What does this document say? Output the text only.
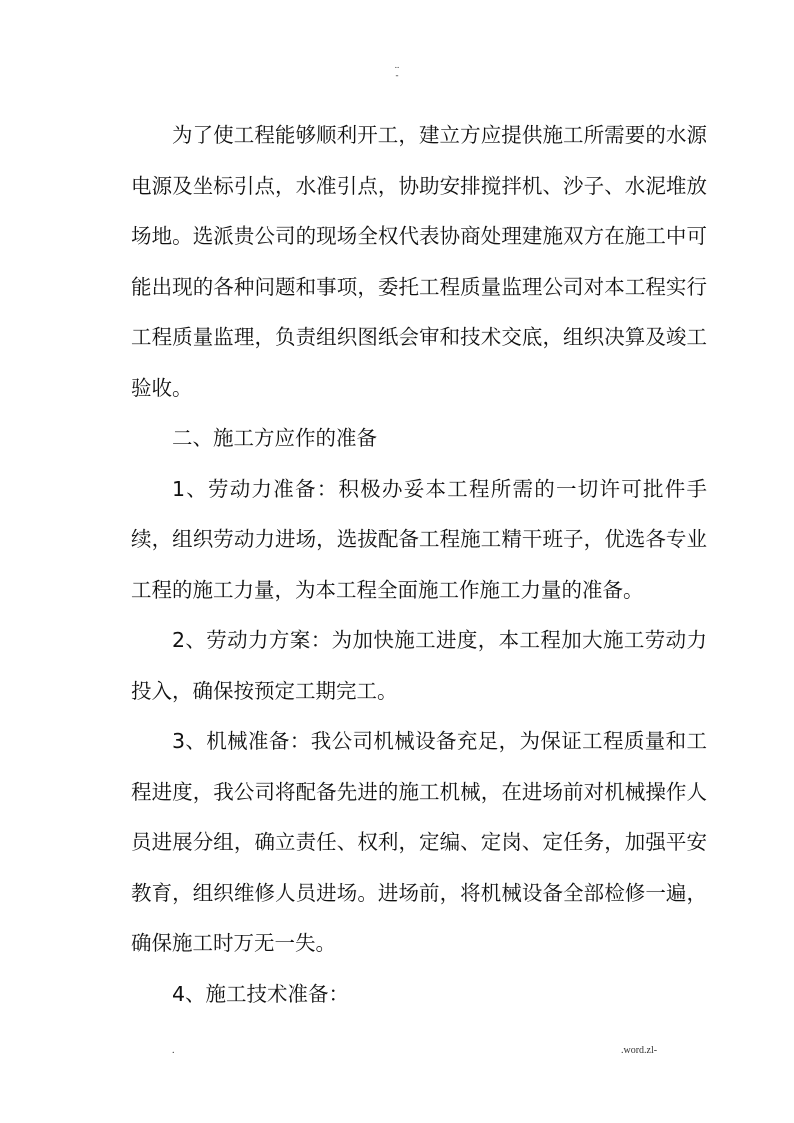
..
-

为了使工程能够顺利开工，建立方应提供施工所需要的水源电源及坐标引点，水准引点，协助安排搅拌机、沙子、水泥堆放场地。选派贵公司的现场全权代表协商处理建施双方在施工中可能出现的各种问题和事项，委托工程质量监理公司对本工程实行工程质量监理，负责组织图纸会审和技术交底，组织决算及竣工验收。

二、施工方应作的准备

1、劳动力准备：积极办妥本工程所需的一切许可批件手续，组织劳动力进场，选拔配备工程施工精干班子，优选各专业工程的施工力量，为本工程全面施工作施工力量的准备。

2、劳动力方案：为加快施工进度，本工程加大施工劳动力投入，确保按预定工期完工。

3、机械准备：我公司机械设备充足，为保证工程质量和工程进度，我公司将配备先进的施工机械，在进场前对机械操作人员进展分组，确立责任、权利，定编、定岗、定任务，加强平安教育，组织维修人员进场。进场前，将机械设备全部检修一遍，确保施工时万无一失。

4、施工技术准备：

.	.word.zl-
